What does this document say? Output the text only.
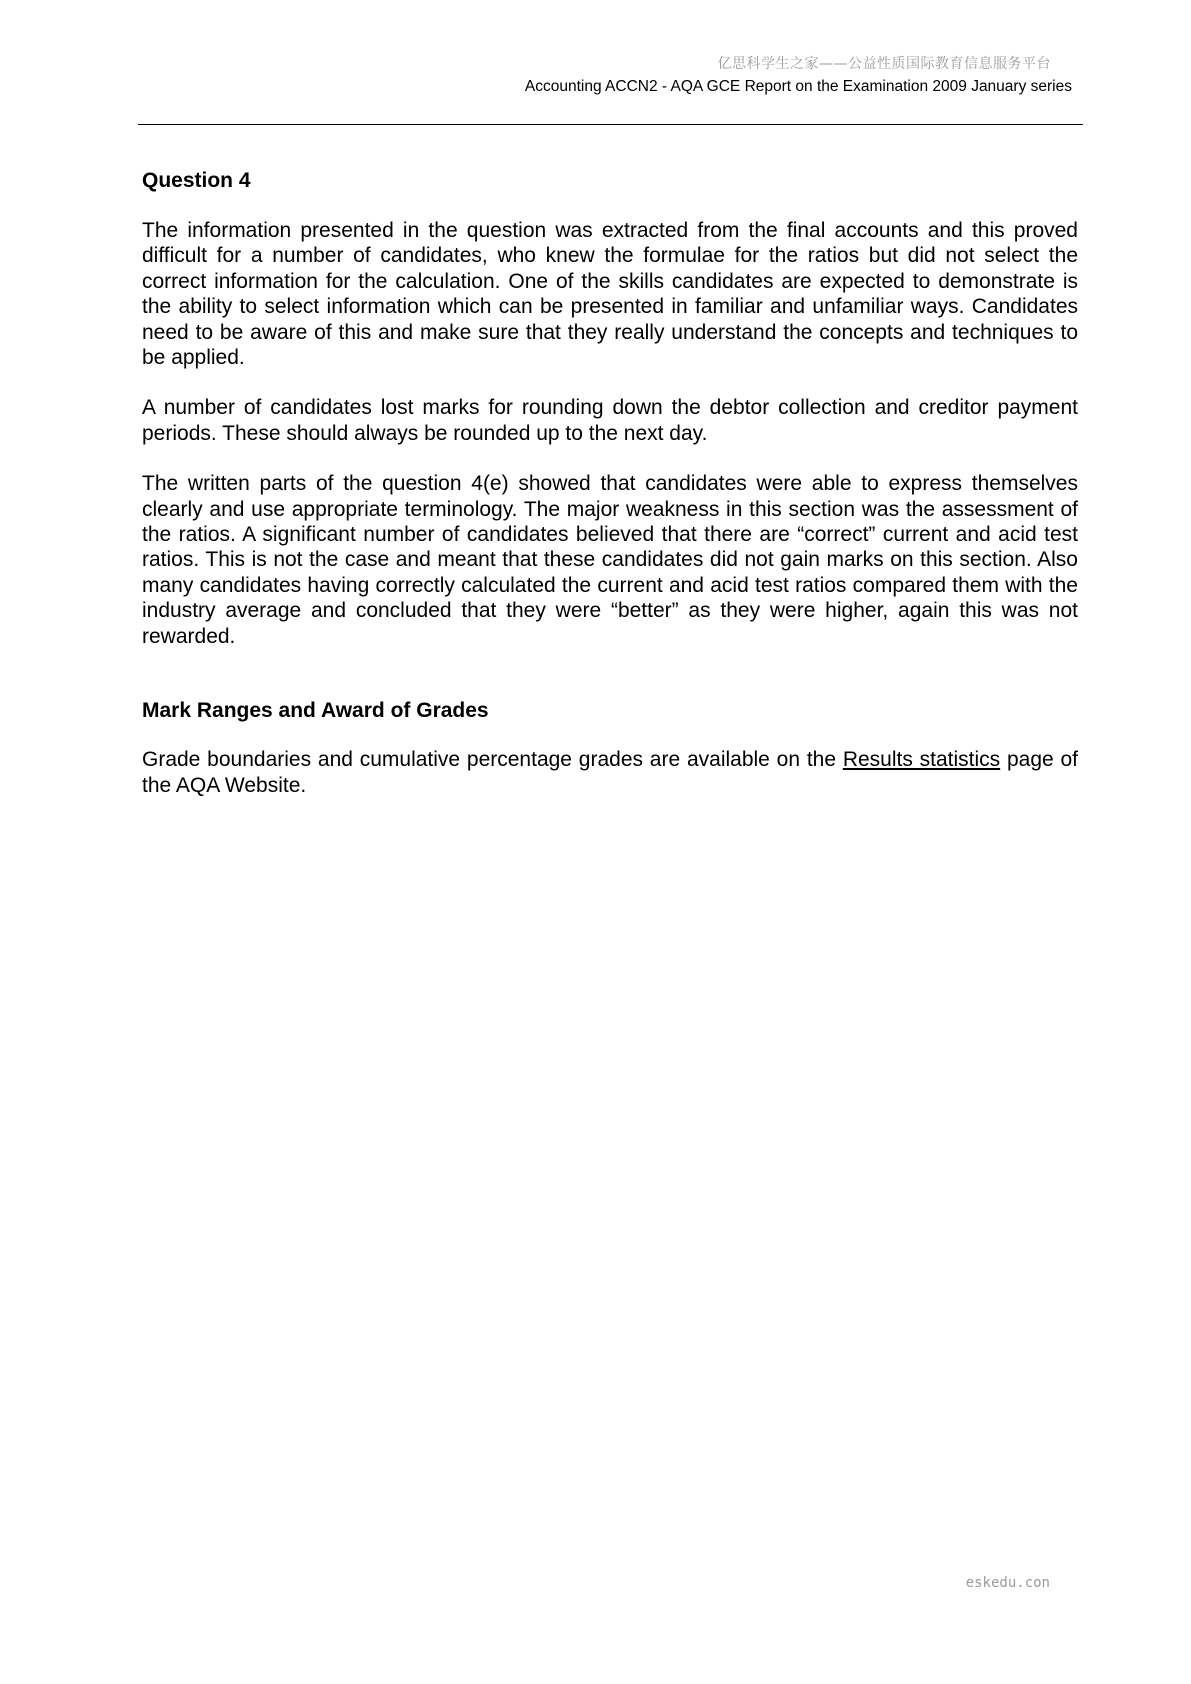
亿思科学生之家——公益性质国际教育信息服务平台
Accounting ACCN2 - AQA GCE Report on the Examination 2009 January series
Question 4

The information presented in the question was extracted from the final accounts and this proved difficult for a number of candidates, who knew the formulae for the ratios but did not select the correct information for the calculation. One of the skills candidates are expected to demonstrate is the ability to select information which can be presented in familiar and unfamiliar ways. Candidates need to be aware of this and make sure that they really understand the concepts and techniques to be applied.

A number of candidates lost marks for rounding down the debtor collection and creditor payment periods. These should always be rounded up to the next day.

The written parts of the question 4(e) showed that candidates were able to express themselves clearly and use appropriate terminology. The major weakness in this section was the assessment of the ratios. A significant number of candidates believed that there are “correct” current and acid test ratios. This is not the case and meant that these candidates did not gain marks on this section. Also many candidates having correctly calculated the current and acid test ratios compared them with the industry average and concluded that they were “better” as they were higher, again this was not rewarded.

Mark Ranges and Award of Grades

Grade boundaries and cumulative percentage grades are available on the Results statistics page of the AQA Website.

eskedu.con
